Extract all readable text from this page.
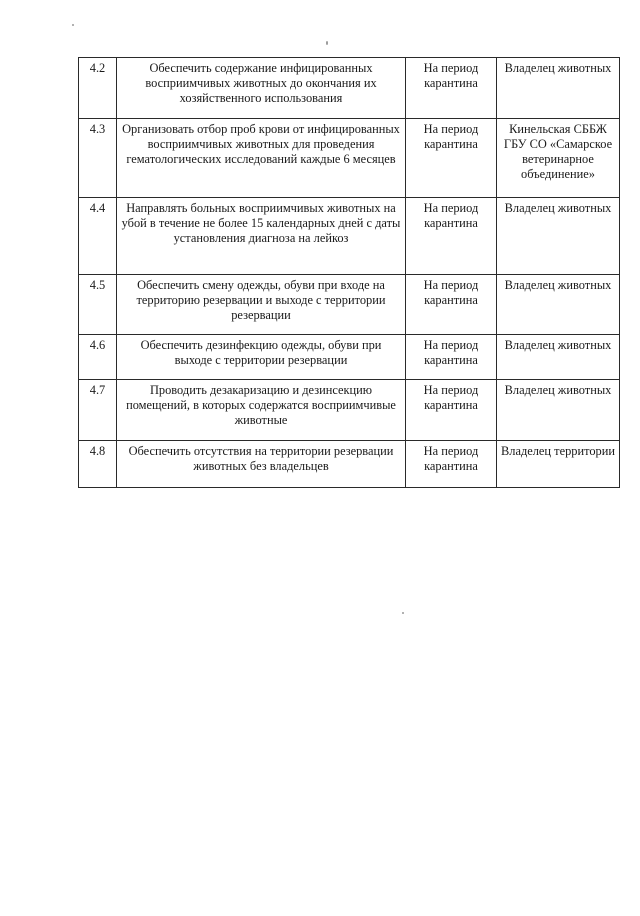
4.2	Обеспечить содержание инфицированных восприимчивых животных до окончания их хозяйственного использования	На период карантина	Владелец животных
4.3	Организовать отбор проб крови от инфицированных восприимчивых животных для проведения гематологических исследований каждые 6 месяцев	На период карантина	Кинельская СББЖ ГБУ СО «Самарское ветеринарное объединение»
4.4	Направлять больных восприимчивых животных на убой в течение не более 15 календарных дней с даты установления диагноза на лейкоз	На период карантина	Владелец животных
4.5	Обеспечить смену одежды, обуви при входе на территорию резервации и выходе с территории резервации	На период карантина	Владелец животных
4.6	Обеспечить дезинфекцию одежды, обуви при выходе с территории резервации	На период карантина	Владелец животных
4.7	Проводить дезакаризацию и дезинсекцию помещений, в которых содержатся восприимчивые животные	На период карантина	Владелец животных
4.8	Обеспечить отсутствия на территории резервации животных без владельцев	На период карантина	Владелец территории
